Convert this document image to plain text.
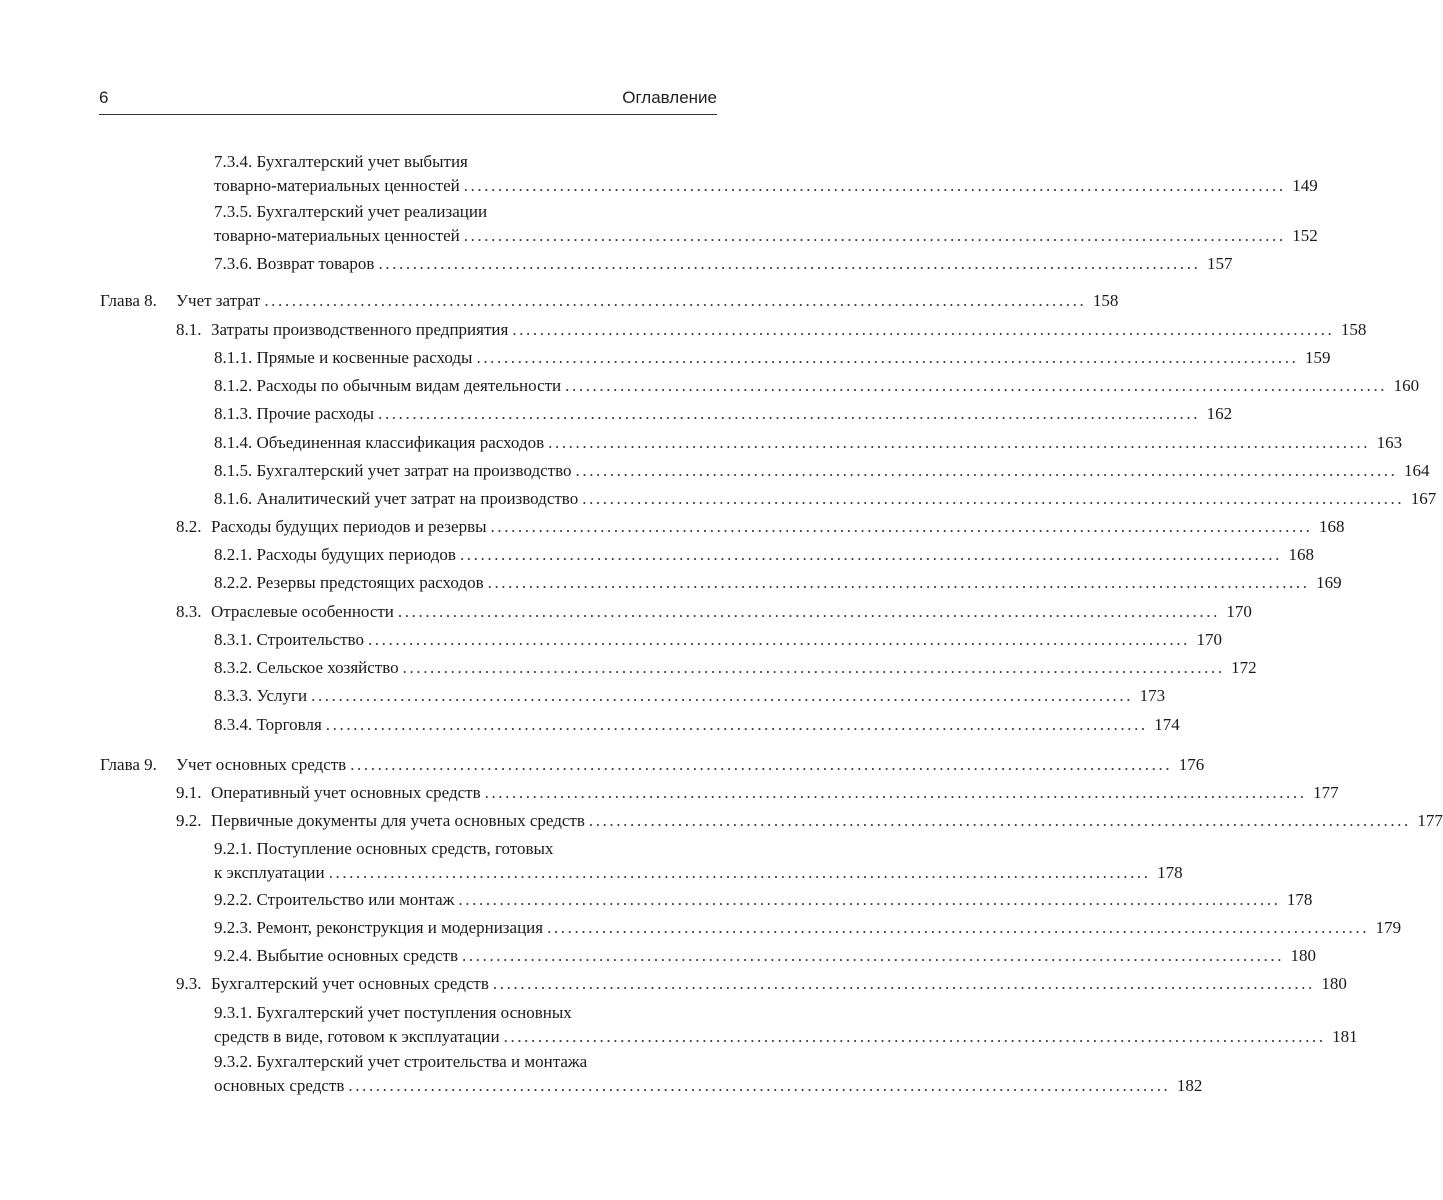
6	Оглавление
7.3.4. Бухгалтерский учет выбытия
товарно-материальных ценностей ........................................................................................................................ 149
7.3.5. Бухгалтерский учет реализации
товарно-материальных ценностей ........................................................................................................................ 152
7.3.6. Возврат товаров ........................................................................................................................ 157
Глава 8. Учет затрат ........................................................................................................................ 158
8.1. Затраты производственного предприятия ........................................................................................................................ 158
8.1.1. Прямые и косвенные расходы ........................................................................................................................ 159
8.1.2. Расходы по обычным видам деятельности ........................................................................................................................ 160
8.1.3. Прочие расходы ........................................................................................................................ 162
8.1.4. Объединенная классификация расходов ........................................................................................................................ 163
8.1.5. Бухгалтерский учет затрат на производство ........................................................................................................................ 164
8.1.6. Аналитический учет затрат на производство ........................................................................................................................ 167
8.2. Расходы будущих периодов и резервы ........................................................................................................................ 168
8.2.1. Расходы будущих периодов ........................................................................................................................ 168
8.2.2. Резервы предстоящих расходов ........................................................................................................................ 169
8.3. Отраслевые особенности ........................................................................................................................ 170
8.3.1. Строительство ........................................................................................................................ 170
8.3.2. Сельское хозяйство ........................................................................................................................ 172
8.3.3. Услуги ........................................................................................................................ 173
8.3.4. Торговля ........................................................................................................................ 174
Глава 9. Учет основных средств ........................................................................................................................ 176
9.1. Оперативный учет основных средств ........................................................................................................................ 177
9.2. Первичные документы для учета основных средств ........................................................................................................................ 177
9.2.1. Поступление основных средств, готовых
к эксплуатации ........................................................................................................................ 178
9.2.2. Строительство или монтаж ........................................................................................................................ 178
9.2.3. Ремонт, реконструкция и модернизация ........................................................................................................................ 179
9.2.4. Выбытие основных средств ........................................................................................................................ 180
9.3. Бухгалтерский учет основных средств ........................................................................................................................ 180
9.3.1. Бухгалтерский учет поступления основных
средств в виде, готовом к эксплуатации ........................................................................................................................ 181
9.3.2. Бухгалтерский учет строительства и монтажа
основных средств ........................................................................................................................ 182
